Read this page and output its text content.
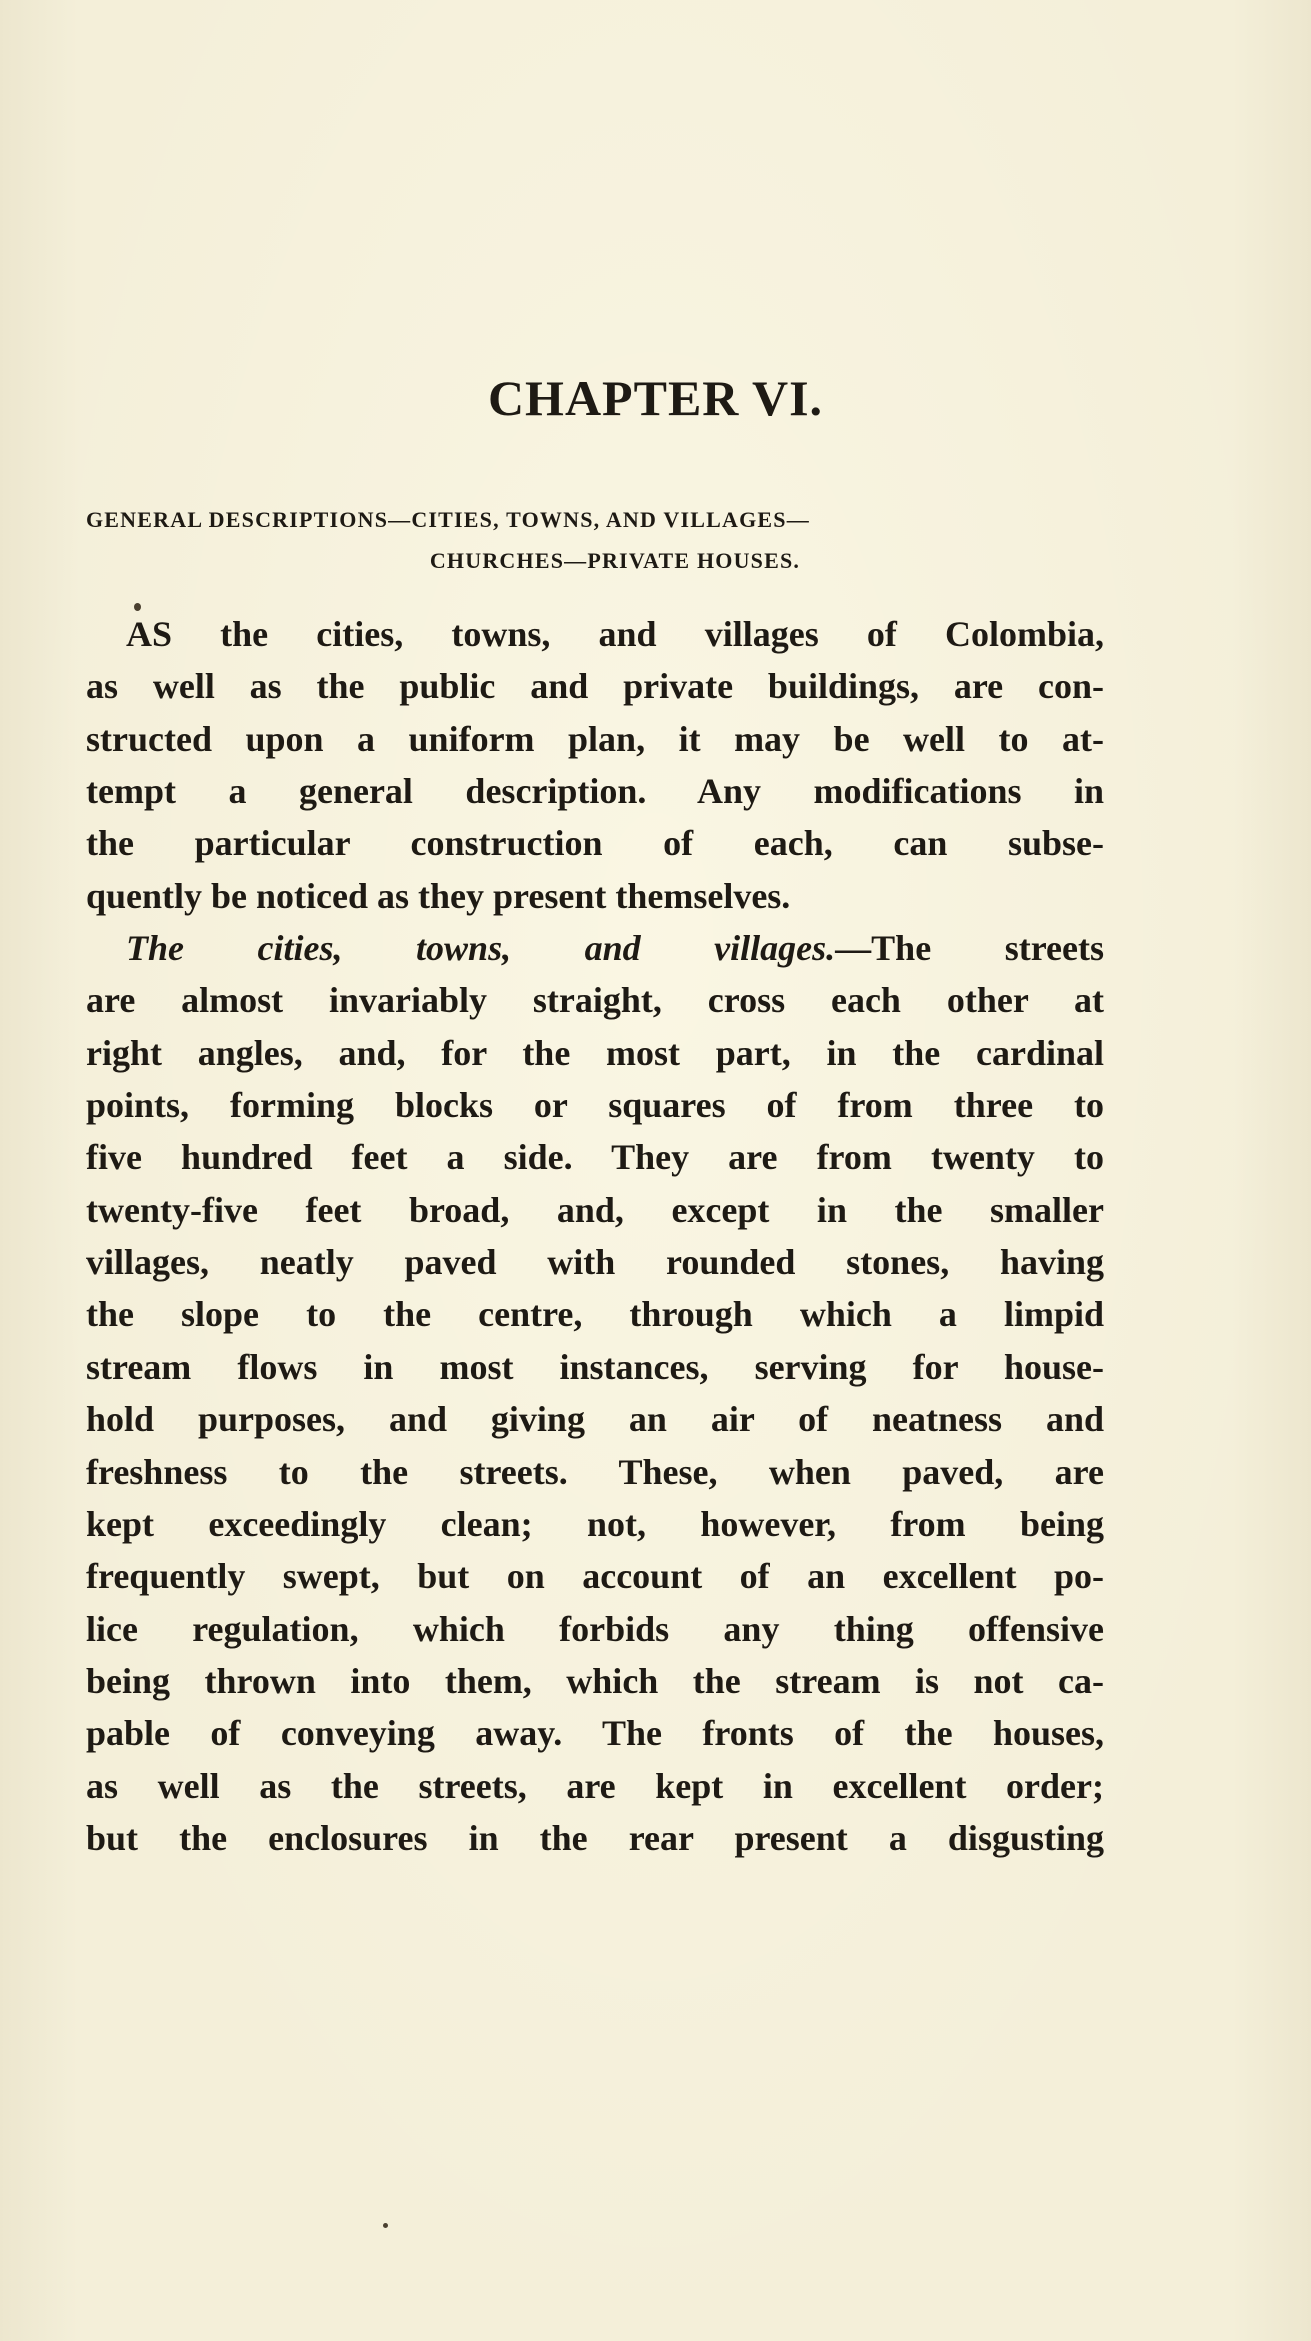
CHAPTER VI.

GENERAL DESCRIPTIONS—CITIES, TOWNS, AND VILLAGES—

CHURCHES—PRIVATE HOUSES.

AS the cities, towns, and villages of Colombia,
as well as the public and private buildings, are con-
structed upon a uniform plan, it may be well to at-
tempt a general description. Any modifications in
the particular construction of each, can subse-
quently be noticed as they present themselves.
The cities, towns, and villages.—The streets
are almost invariably straight, cross each other at
right angles, and, for the most part, in the cardinal
points, forming blocks or squares of from three to
five hundred feet a side. They are from twenty to
twenty-five feet broad, and, except in the smaller
villages, neatly paved with rounded stones, having
the slope to the centre, through which a limpid
stream flows in most instances, serving for house-
hold purposes, and giving an air of neatness and
freshness to the streets. These, when paved, are
kept exceedingly clean; not, however, from being
frequently swept, but on account of an excellent po-
lice regulation, which forbids any thing offensive
being thrown into them, which the stream is not ca-
pable of conveying away. The fronts of the houses,
as well as the streets, are kept in excellent order;
but the enclosures in the rear present a disgusting
